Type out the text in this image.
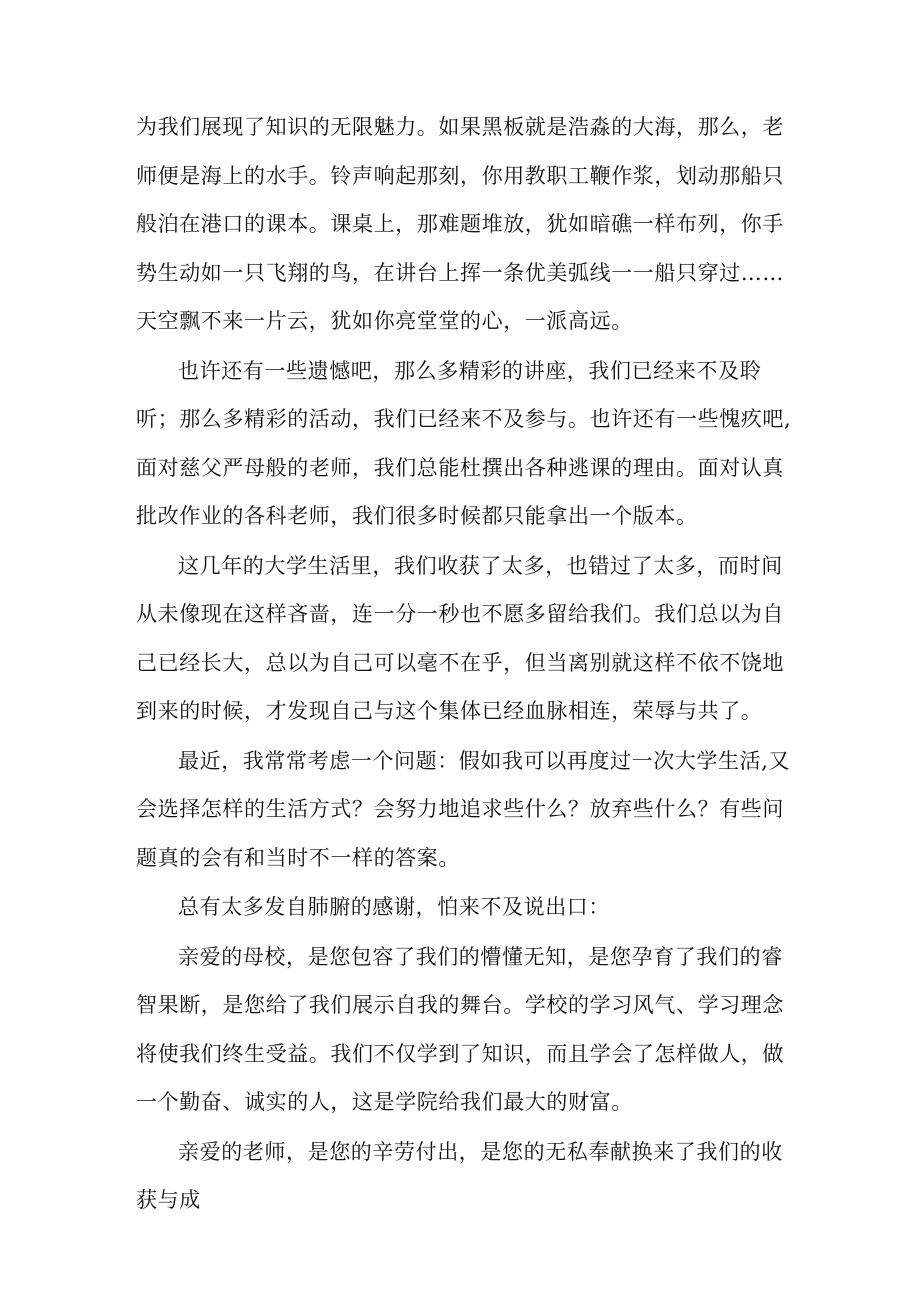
为我们展现了知识的无限魅力。如果黑板就是浩淼的大海，那么，老师便是海上的水手。铃声响起那刻，你用教职工鞭作浆，划动那船只般泊在港口的课本。课桌上，那难题堆放，犹如暗礁一样布列，你手势生动如一只飞翔的鸟，在讲台上挥一条优美弧线一一船只穿过……天空飘不来一片云，犹如你亮堂堂的心，一派高远。

也许还有一些遗憾吧，那么多精彩的讲座，我们已经来不及聆听；那么多精彩的活动，我们已经来不及参与。也许还有一些愧疚吧,面对慈父严母般的老师，我们总能杜撰出各种逃课的理由。面对认真批改作业的各科老师，我们很多时候都只能拿出一个版本。

这几年的大学生活里，我们收获了太多，也错过了太多，而时间从未像现在这样吝啬，连一分一秒也不愿多留给我们。我们总以为自己已经长大，总以为自己可以毫不在乎，但当离别就这样不依不饶地到来的时候，才发现自己与这个集体已经血脉相连，荣辱与共了。

最近，我常常考虑一个问题：假如我可以再度过一次大学生活,又会选择怎样的生活方式？会努力地追求些什么？放弃些什么？有些问题真的会有和当时不一样的答案。

总有太多发自肺腑的感谢，怕来不及说出口：

亲爱的母校，是您包容了我们的懵懂无知，是您孕育了我们的睿智果断，是您给了我们展示自我的舞台。学校的学习风气、学习理念将使我们终生受益。我们不仅学到了知识，而且学会了怎样做人，做一个勤奋、诚实的人，这是学院给我们最大的财富。

亲爱的老师，是您的辛劳付出，是您的无私奉献换来了我们的收获与成
